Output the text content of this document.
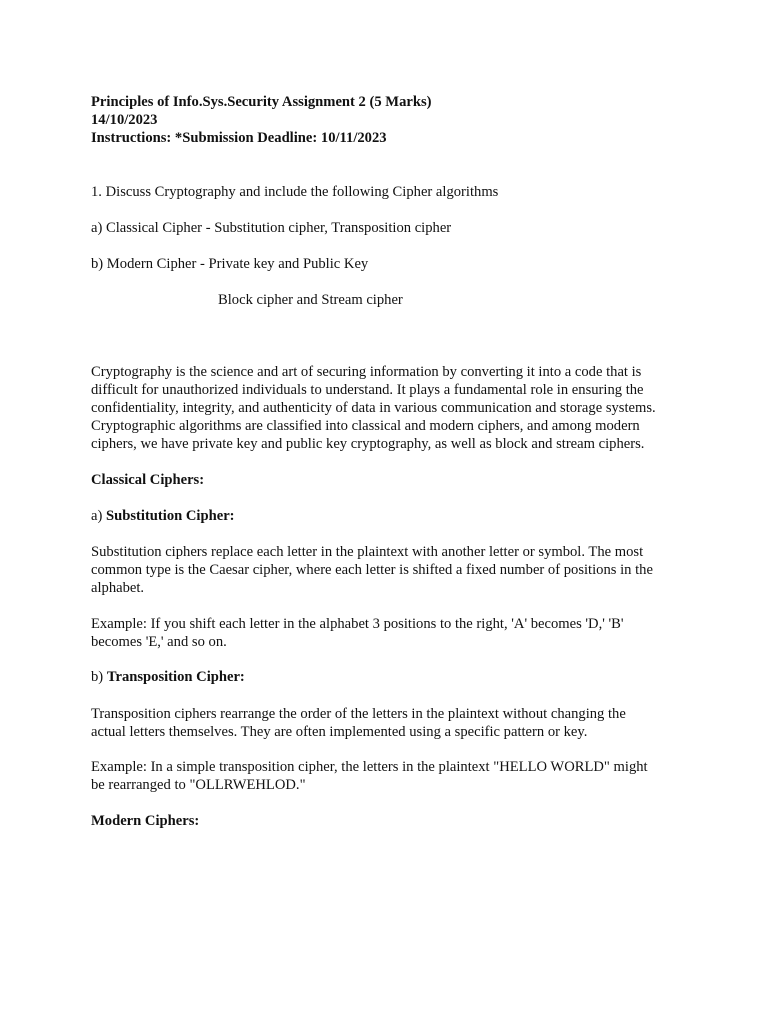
Principles of Info.Sys.Security Assignment 2 (5 Marks)
14/10/2023
Instructions: *Submission Deadline: 10/11/2023
1. Discuss Cryptography and include the following Cipher algorithms
a) Classical Cipher - Substitution cipher, Transposition cipher
b) Modern Cipher - Private key and Public Key
Block cipher and Stream cipher
Cryptography is the science and art of securing information by converting it into a code that is
difficult for unauthorized individuals to understand. It plays a fundamental role in ensuring the
confidentiality, integrity, and authenticity of data in various communication and storage systems.
Cryptographic algorithms are classified into classical and modern ciphers, and among modern
ciphers, we have private key and public key cryptography, as well as block and stream ciphers.
Classical Ciphers:
a) Substitution Cipher:
Substitution ciphers replace each letter in the plaintext with another letter or symbol. The most
common type is the Caesar cipher, where each letter is shifted a fixed number of positions in the
alphabet.
Example: If you shift each letter in the alphabet 3 positions to the right, 'A' becomes 'D,' 'B'
becomes 'E,' and so on.
b) Transposition Cipher:
Transposition ciphers rearrange the order of the letters in the plaintext without changing the
actual letters themselves. They are often implemented using a specific pattern or key.
Example: In a simple transposition cipher, the letters in the plaintext "HELLO WORLD" might
be rearranged to "OLLRWEHLOD."
Modern Ciphers:
